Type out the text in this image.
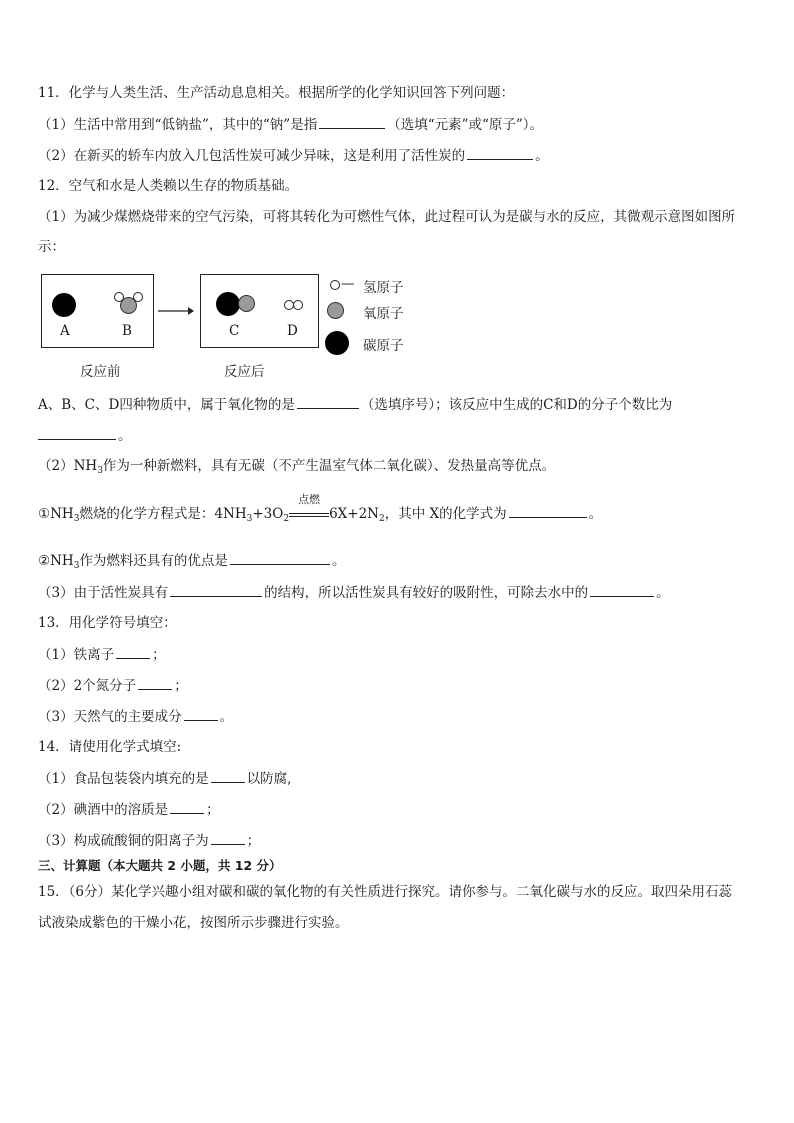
11．化学与人类生活、生产活动息息相关。根据所学的化学知识回答下列问题：
（1）生活中常用到“低钠盐”，其中的“钠”是指	（选填“元素”或“原子”）。
（2）在新买的轿车内放入几包活性炭可减少异味，这是利用了活性炭的	。
12．空气和水是人类赖以生存的物质基础。
（1）为减少煤燃烧带来的空气污染，可将其转化为可燃性气体，此过程可认为是碳与水的反应，其微观示意图如图所
示：
A	B	C	D
反应前	反应后
— 氢原子
氧原子
碳原子
A、B、C、D四种物质中，属于氧化物的是	（选填序号）；该反应中生成的C和D的分子个数比为
。
$(2)NH_3$作为一种新燃料，具有无碳（不产生温室气体二氧化碳）、发热量高等优点。
$①NH_3$燃烧的化学方程式是：$4NH_3+3O_2$
点燃
$6X+2N_2$，其中 X的化学式为	。
$②NH_3$作为燃料还具有的优点是	。
（3）由于活性炭具有	的结构，所以活性炭具有较好的吸附性，可除去水中的	。
13．用化学符号填空：
（1）铁离子	；
（2）2个氮分子	；
（3）天然气的主要成分	。
14．请使用化学式填空:
（1）食品包装袋内填充的是	以防腐,
（2）碘酒中的溶质是	；
（3）构成硫酸铜的阳离子为	；
三、计算题（本大题共 2 小题，共 12 分）
15．（6分）某化学兴趣小组对碳和碳的氧化物的有关性质进行探究。请你参与。二氧化碳与水的反应。取四朵用石蕊
试液染成紫色的干燥小花，按图所示步骤进行实验。
